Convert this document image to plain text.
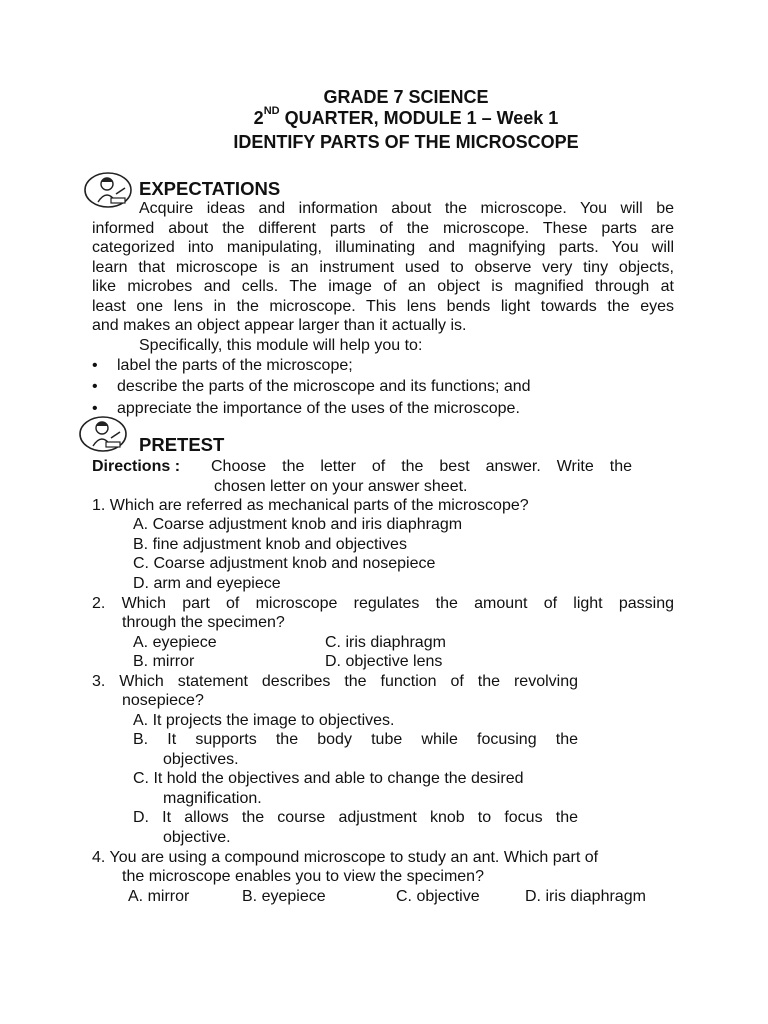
GRADE 7 SCIENCE
2ND QUARTER, MODULE 1 – Week 1
IDENTIFY PARTS OF THE MICROSCOPE
EXPECTATIONS
Acquire ideas and information about the microscope. You will be
informed about the different parts of the microscope. These parts are
categorized into manipulating, illuminating and magnifying parts. You will
learn that microscope is an instrument used to observe very tiny objects,
like microbes and cells. The image of an object is magnified through at
least one lens in the microscope. This lens bends light towards the eyes
and makes an object appear larger than it actually is.
Specifically, this module will help you to:
• label the parts of the microscope;
• describe the parts of the microscope and its functions; and
• appreciate the importance of the uses of the microscope.
PRETEST
Directions : Choose the letter of the best answer. Write the
chosen letter on your answer sheet.
1. Which are referred as mechanical parts of the microscope?
A. Coarse adjustment knob and iris diaphragm
B. fine adjustment knob and objectives
C. Coarse adjustment knob and nosepiece
D. arm and eyepiece
2. Which part of microscope regulates the amount of light passing
through the specimen?
A. eyepiece	C. iris diaphragm
B. mirror	D. objective lens
3. Which statement describes the function of the revolving
nosepiece?
A. It projects the image to objectives.
B. It supports the body tube while focusing the
objectives.
C. It hold the objectives and able to change the desired
magnification.
D. It allows the course adjustment knob to focus the
objective.
4. You are using a compound microscope to study an ant. Which part of
the microscope enables you to view the specimen?
A. mirror	B. eyepiece	C. objective	D. iris diaphragm
